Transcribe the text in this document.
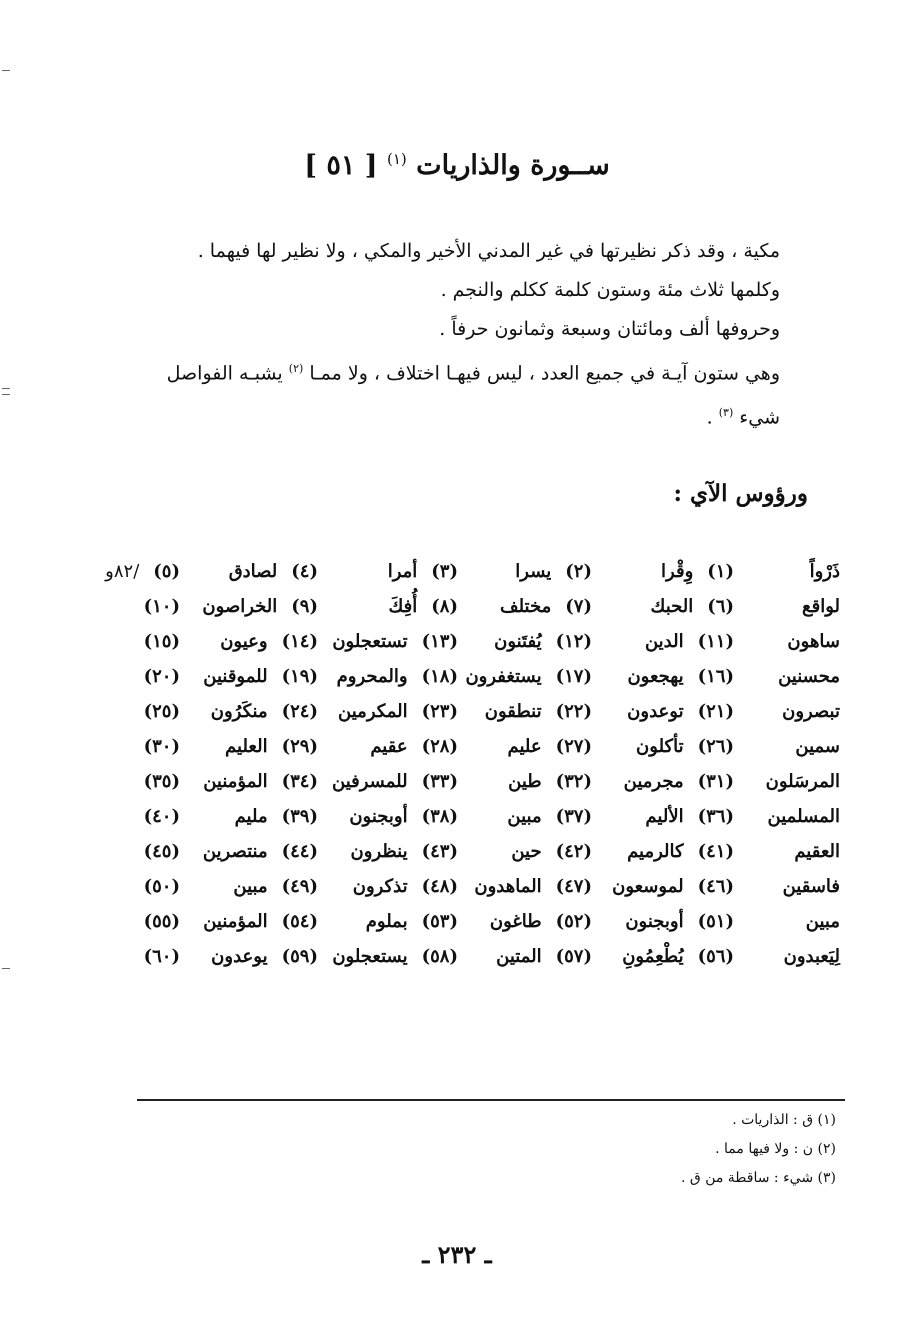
ســورة والذاريات $^{(١)}$ [ ٥١ ]

مكية ، وقد ذكر نظيرتها في غير المدني الأخير والمكي ، ولا نظير لها فيهما .

وكلمها ثلاث مئة وستون كلمة ككلم والنجم .

وحروفها ألف ومائتان وسبعة وثمانون حرفاً .

وهي ستون آيـة في جميع العدد ، ليس فيهـا اختلاف ، ولا ممـا $^{(٢)}$ يشبـه الفواصل

شيء $^{(٣)}$ .

ورؤوس الآي :
ذَرْواً
(١)وِقْرا
(٢)يسرا
(٣)أمرا
(٤)لصادق
(٥)/٨٢و
لواقع
(٦)الحبك
(٧)مختلف
(٨)أُفِكَ
(٩)الخراصون
(١٠)
ساهون
(١١)الدين
(١٢)يُفتَنون
(١٣)تستعجلون
(١٤)وعيون
(١٥)
محسنين
(١٦)يهجعون
(١٧)يستغفرون
(١٨)والمحروم
(١٩)للموقنين
(٢٠)
تبصرون
(٢١)توعدون
(٢٢)تنطقون
(٢٣)المكرمين
(٢٤)منكَرُون
(٢٥)
سمين
(٢٦)تأكلون
(٢٧)عليم
(٢٨)عقيم
(٢٩)العليم
(٣٠)
المرسَلون
(٣١)مجرمين
(٣٢)طين
(٣٣)للمسرفين
(٣٤)المؤمنين
(٣٥)
المسلمين
(٣٦)الأليم
(٣٧)مبين
(٣٨)أوبجنون
(٣٩)مليم
(٤٠)
العقيم
(٤١)كالرميم
(٤٢)حين
(٤٣)ينظرون
(٤٤)منتصرين
(٤٥)
فاسقين
(٤٦)لموسعون
(٤٧)الماهدون
(٤٨)تذكرون
(٤٩)مبين
(٥٠)
مبين
(٥١)أوبجنون
(٥٢)طاغون
(٥٣)بملوم
(٥٤)المؤمنين
(٥٥)
لِيَعبدون
(٥٦)يُطْعِمُونِ
(٥٧)المتين
(٥٨)يستعجلون
(٥٩)يوعدون
(٦٠)

(١) ق : الذاريات .

(٢) ن : ولا فيها مما .

(٣) شيء : ساقطة من ق .

ـ ٢٣٢ ـ
